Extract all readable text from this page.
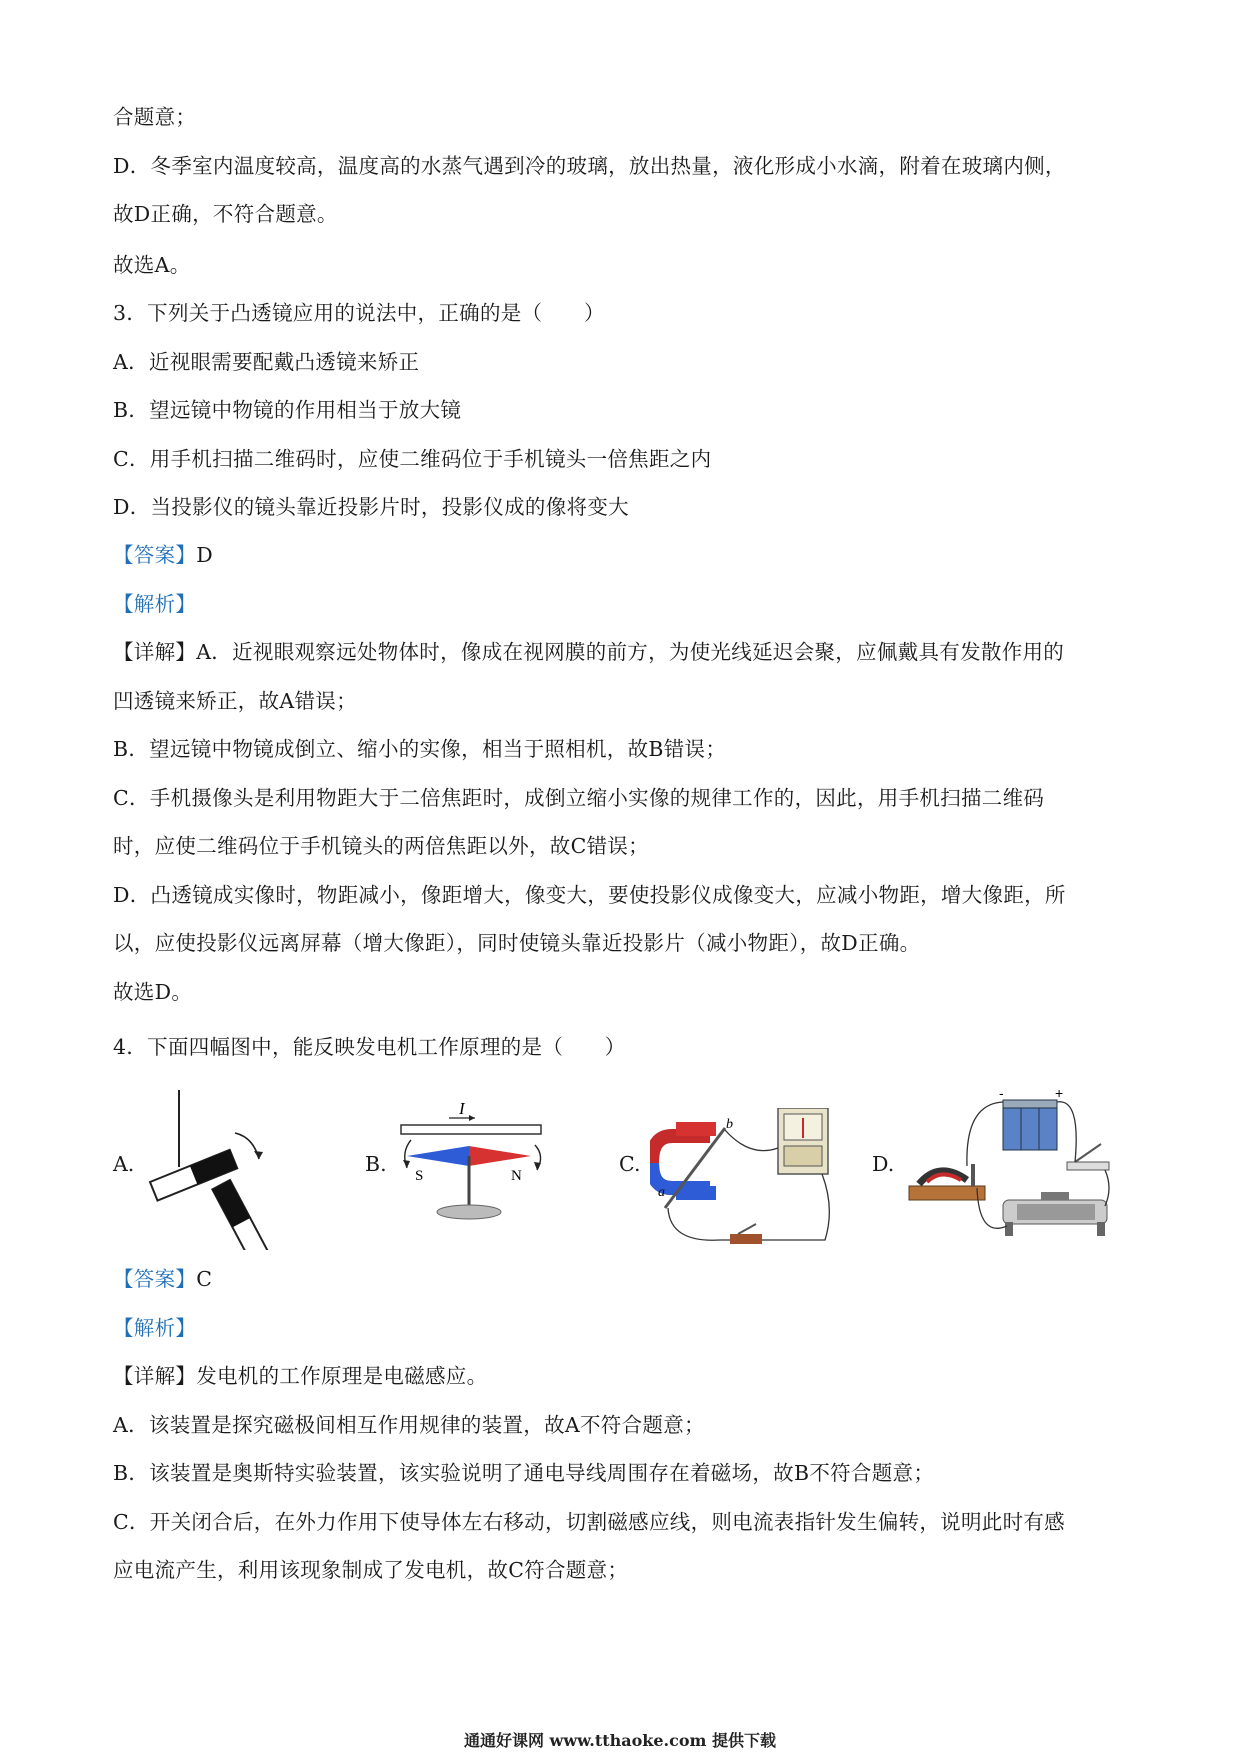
合题意；
D．冬季室内温度较高，温度高的水蒸气遇到冷的玻璃，放出热量，液化形成小水滴，附着在玻璃内侧，
故D正确，不符合题意。
故选A。
3．下列关于凸透镜应用的说法中，正确的是（　　）
A．近视眼需要配戴凸透镜来矫正
B．望远镜中物镜的作用相当于放大镜
C．用手机扫描二维码时，应使二维码位于手机镜头一倍焦距之内
D．当投影仪的镜头靠近投影片时，投影仪成的像将变大
【答案】D
【解析】
【详解】A．近视眼观察远处物体时，像成在视网膜的前方，为使光线延迟会聚，应佩戴具有发散作用的
凹透镜来矫正，故A错误；
B．望远镜中物镜成倒立、缩小的实像，相当于照相机，故B错误；
C．手机摄像头是利用物距大于二倍焦距时，成倒立缩小实像的规律工作的，因此，用手机扫描二维码
时，应使二维码位于手机镜头的两倍焦距以外，故C错误；
D．凸透镜成实像时，物距减小，像距增大，像变大，要使投影仪成像变大，应减小物距，增大像距，所
以，应使投影仪远离屏幕（增大像距），同时使镜头靠近投影片（减小物距），故D正确。
故选D。
4．下面四幅图中，能反映发电机工作原理的是（　　）
A.	B.	C.	D.
I
S	N
a
b
-	+
【答案】C
【解析】
【详解】发电机的工作原理是电磁感应。
A．该装置是探究磁极间相互作用规律的装置，故A不符合题意；
B．该装置是奥斯特实验装置，该实验说明了通电导线周围存在着磁场，故B不符合题意；
C．开关闭合后，在外力作用下使导体左右移动，切割磁感应线，则电流表指针发生偏转，说明此时有感
应电流产生，利用该现象制成了发电机，故C符合题意；
通通好课网 www.tthaoke.com 提供下载
